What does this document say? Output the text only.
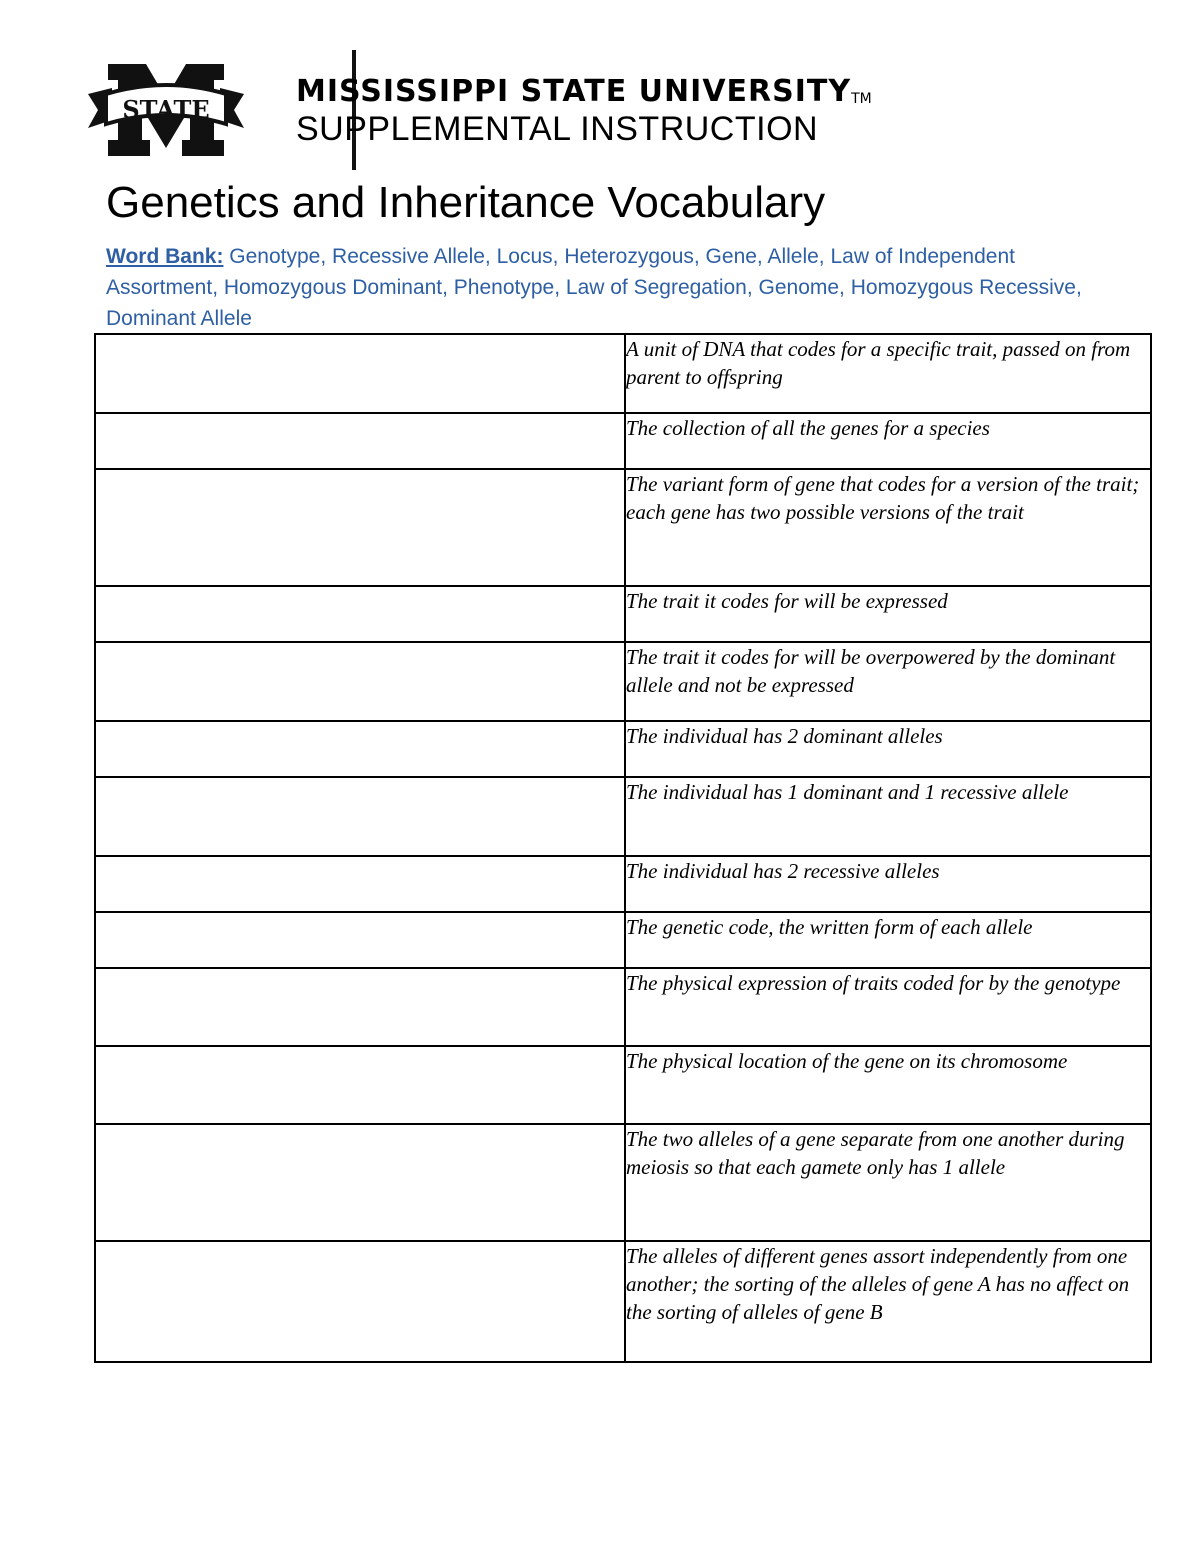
STATE
MISSISSIPPI STATE UNIVERSITYTM
SUPPLEMENTAL INSTRUCTION
Genetics and Inheritance Vocabulary
Word Bank: Genotype, Recessive Allele, Locus, Heterozygous, Gene, Allele, Law of Independent Assortment, Homozygous Dominant, Phenotype, Law of Segregation, Genome, Homozygous Recessive, Dominant Allele
	A unit of DNA that codes for a specific trait, passed on from parent to offspring
	The collection of all the genes for a species
	The variant form of gene that codes for a version of the trait; each gene has two possible versions of the trait
	The trait it codes for will be expressed
	The trait it codes for will be overpowered by the dominant allele and not be expressed
	The individual has 2 dominant alleles
	The individual has 1 dominant and 1 recessive allele
	The individual has 2 recessive alleles
	The genetic code, the written form of each allele
	The physical expression of traits coded for by the genotype
	The physical location of the gene on its chromosome
	The two alleles of a gene separate from one another during meiosis so that each gamete only has 1 allele
	The alleles of different genes assort independently from one another; the sorting of the alleles of gene A has no affect on the sorting of alleles of gene B
